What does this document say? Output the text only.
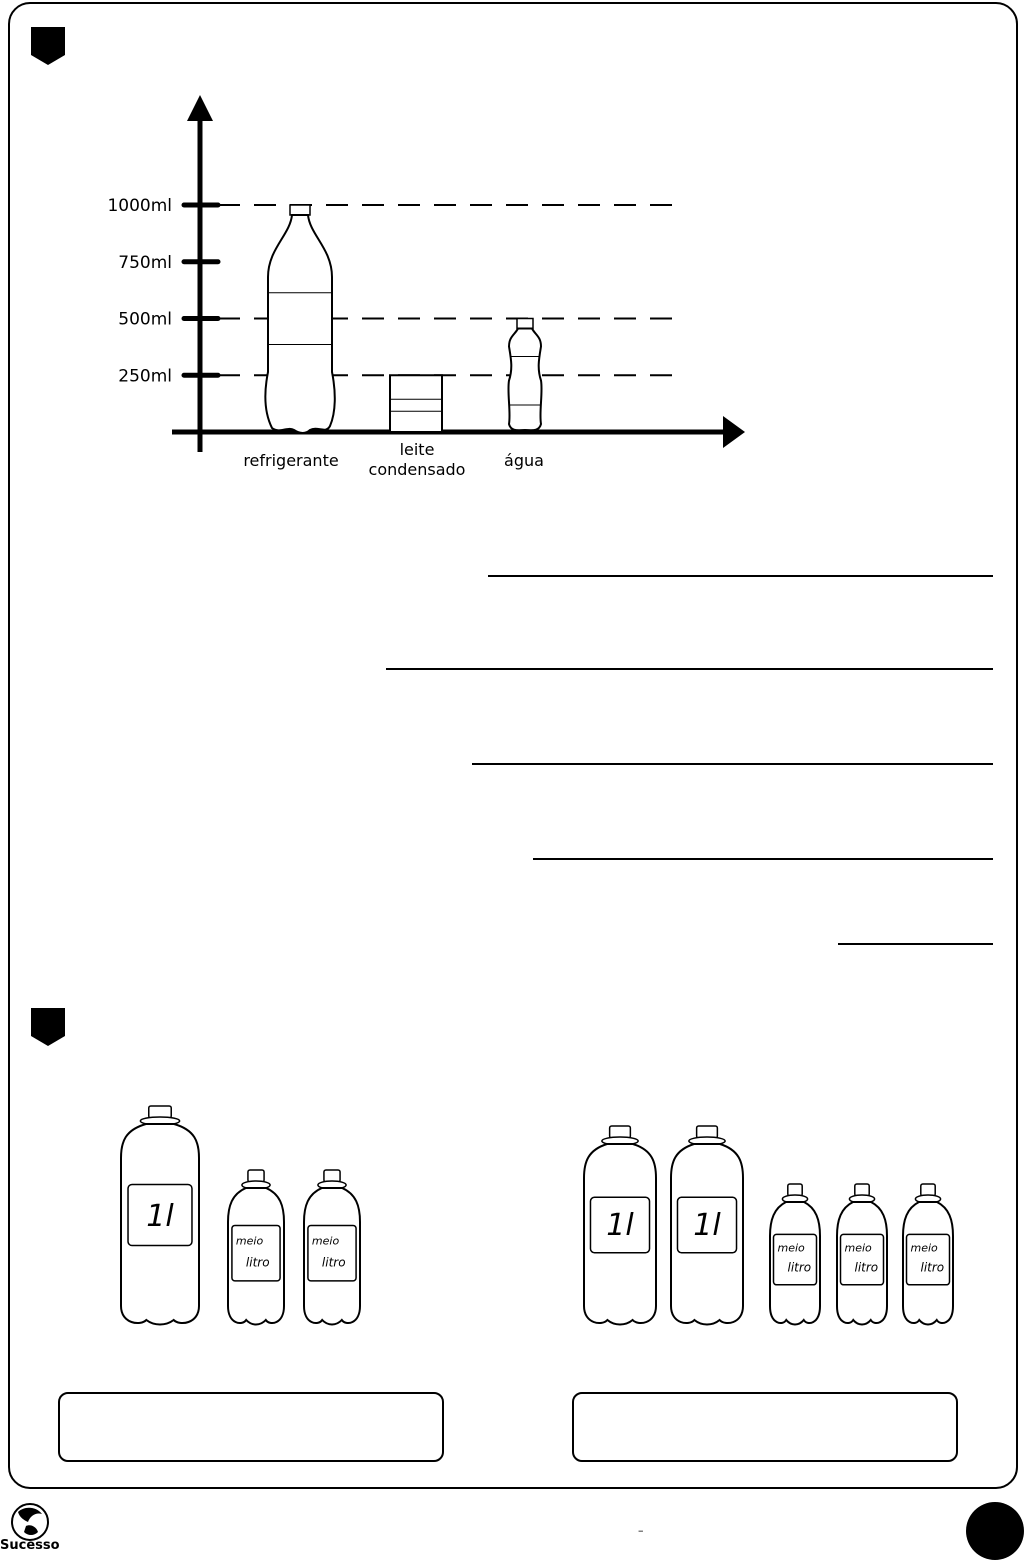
1000ml
750ml
500ml
250ml
refrigerante
leite condensado água
1l
meio
litro
meio
litro
1l 1l
meio
litro
meio
litro
meio
litro
Sucesso
–
